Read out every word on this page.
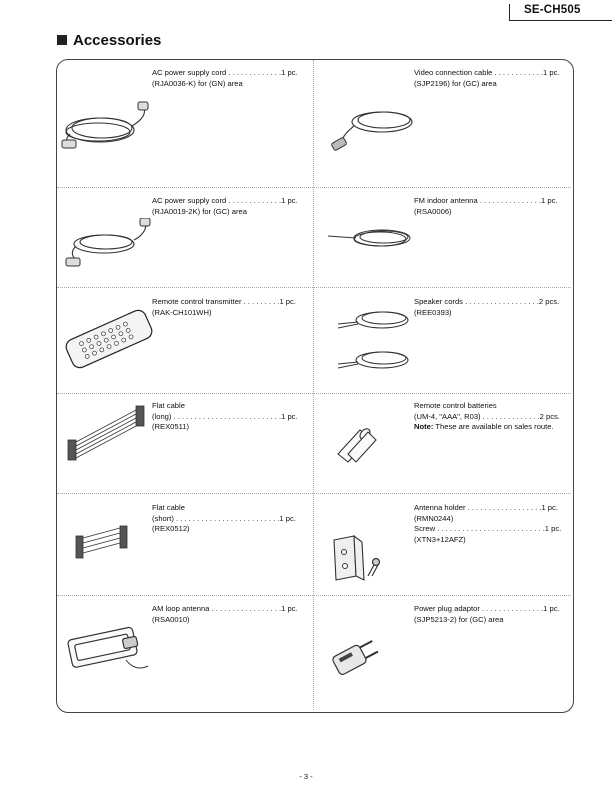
SE-CH505
Accessories
AC power supply cord . . . . . . . . . . . . .1 pc.
(RJA0036-K) for (GN) area
Video connection cable . . . . . . . . . . . .1 pc.
(SJP2196) for (GC) area
AC power supply cord . . . . . . . . . . . . .1 pc.
(RJA0019-2K) for (GC) area
FM indoor antenna . . . . . . . . . . . . . . .1 pc.
(RSA0006)
Remote control transmitter . . . . . . . . .1 pc.
(RAK-CH101WH)
Speaker cords . . . . . . . . . . . . . . . . . .2 pcs.
(REE0393)
Flat cable
(long) . . . . . . . . . . . . . . . . . . . . . . . . . .1 pc.
(REX0511)
Remote control batteries
(UM-4, "AAA", R03) . . . . . . . . . . . . . .2 pcs.
Note: These are available on sales route.
Flat cable
(short) . . . . . . . . . . . . . . . . . . . . . . . . .1 pc.
(REX0512)
Antenna holder . . . . . . . . . . . . . . . . . .1 pc.
(RMN0244)
Screw . . . . . . . . . . . . . . . . . . . . . . . . . .1 pc.
(XTN3+12AFZ)
AM loop antenna . . . . . . . . . . . . . . . . .1 pc.
(RSA0010)
Power plug adaptor . . . . . . . . . . . . . . .1 pc.
(SJP5213-2) for (GC) area
- 3 -
